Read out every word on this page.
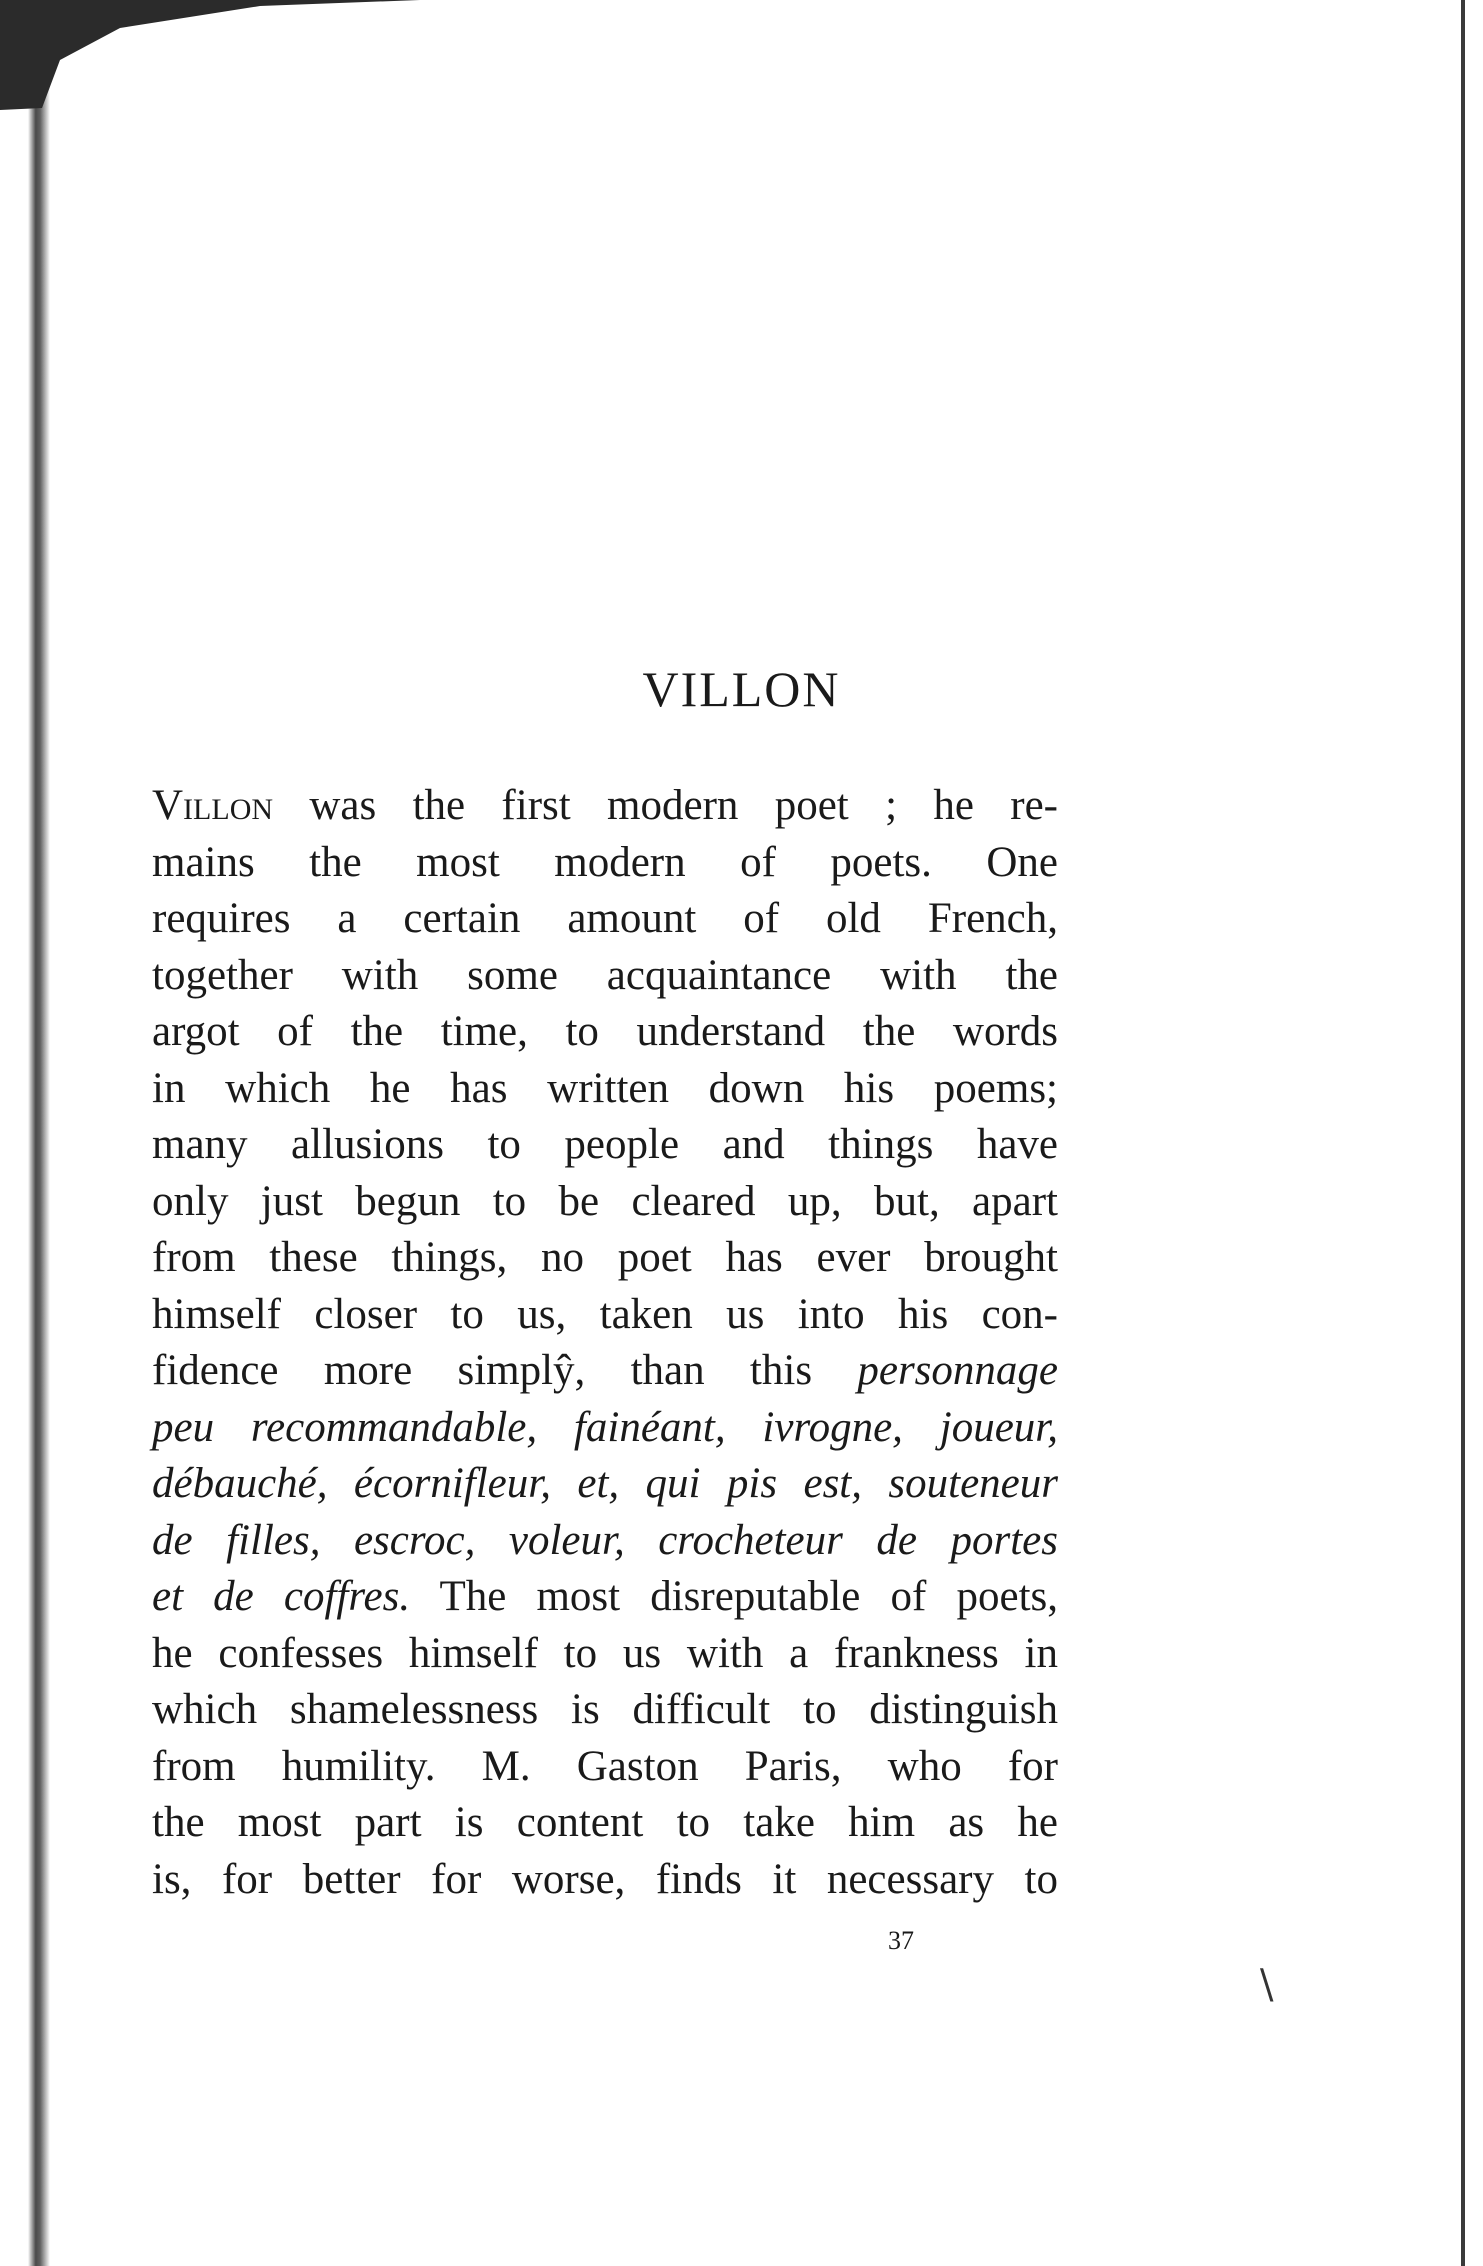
VILLON
Villon was the first modern poet ; he re-
mains the most modern of poets. One
requires a certain amount of old French,
together with some acquaintance with the
argot of the time, to understand the words
in which he has written down his poems;
many allusions to people and things have
only just begun to be cleared up, but, apart
from these things, no poet has ever brought
himself closer to us, taken us into his con-
fidence more simplŷ, than this personnage
peu recommandable, fainéant, ivrogne, joueur,
débauché, écornifleur, et, qui pis est, souteneur
de filles, escroc, voleur, crocheteur de portes
et de coffres. The most disreputable of poets,
he confesses himself to us with a frankness in
which shamelessness is difficult to distinguish
from humility. M. Gaston Paris, who for
the most part is content to take him as he
is, for better for worse, finds it necessary to
37
\
